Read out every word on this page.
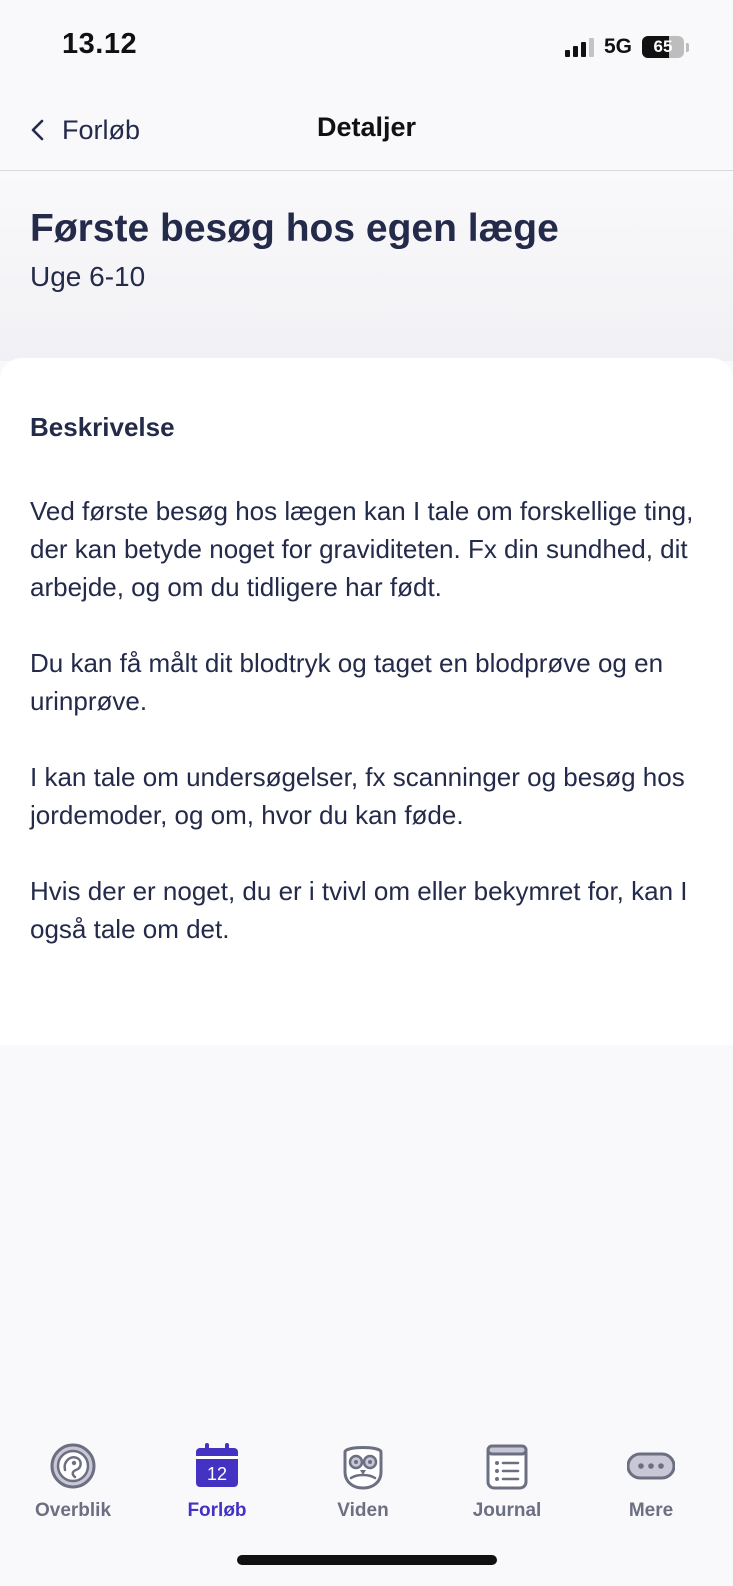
13.12	5G	65
Forløb	Detaljer
Første besøg hos egen læge
Uge 6-10
Beskrivelse

Ved første besøg hos lægen kan I tale om forskellige ting, der kan betyde noget for graviditeten. Fx din sundhed, dit arbejde, og om du tidligere har født.

Du kan få målt dit blodtryk og taget en blodprøve og en urinprøve.

I kan tale om undersøgelser, fx scanninger og besøg hos jordemoder, og om, hvor du kan føde.

Hvis der er noget, du er i tvivl om eller bekymret for, kan I også tale om det.

Overblik
12
Forløb	Viden	Journal	Mere
